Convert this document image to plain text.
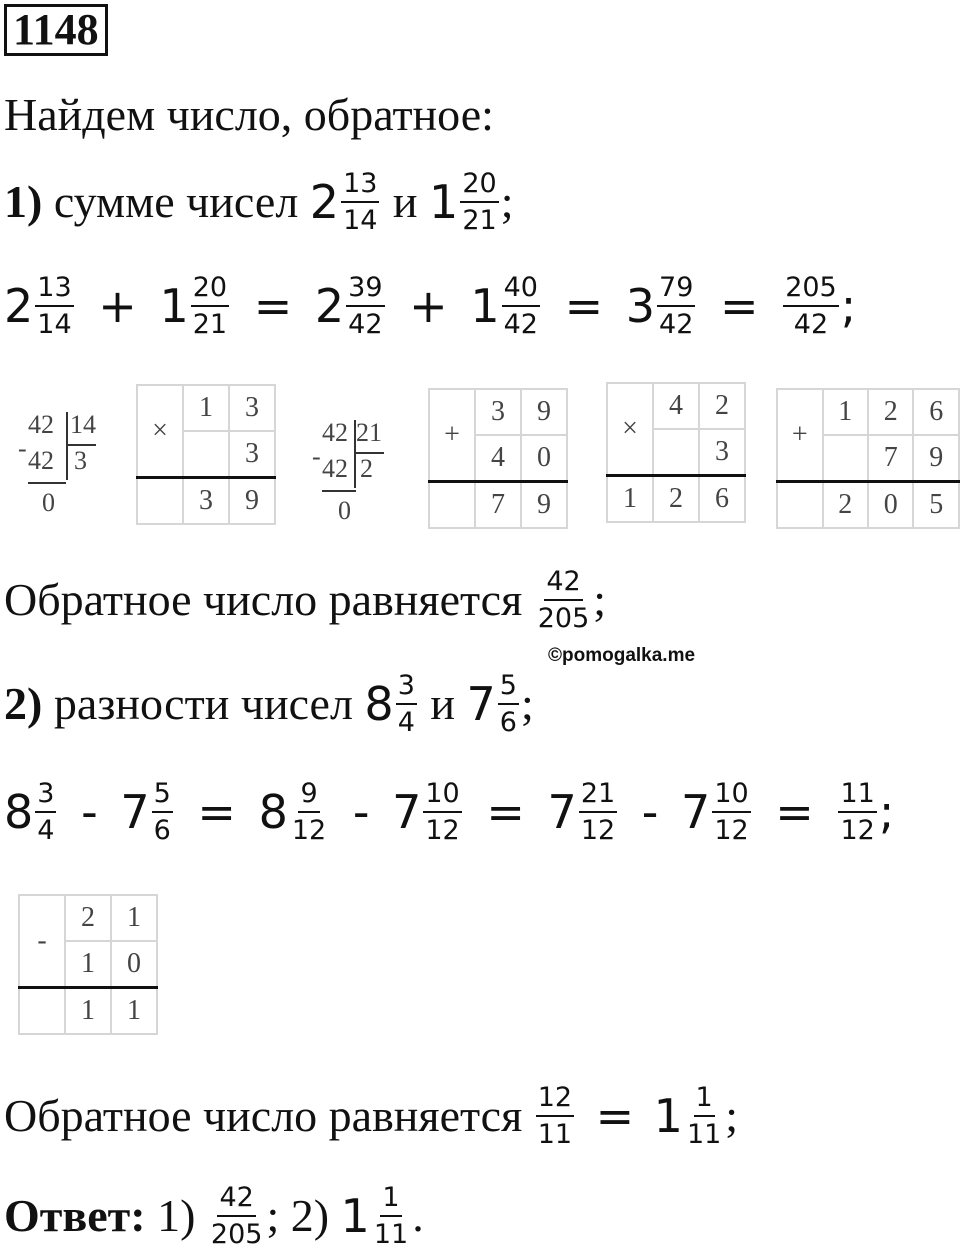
1148
Найдем число, обратное:
1) сумме чисел $2 \frac{13}{14}$ и $1 \frac{20}{21}$ ;
$2 \frac{13}{14} + 1 \frac{20}{21} = 2 \frac{39}{42} + 1 \frac{40}{42} = 3 \frac{79}{42} = \frac{205}{42}$ ;
42 14
- 42 3
0
×	1	3
		3
	3	9
42 21
- 42 2
0
+	3	9
	4	0
	7	9
×	4	2
		3
1	2	6
+	1	2	6
		7	9
	2	0	5
Обратное число равняется $\frac{42}{205}$ ;
©pomogalka.me
2) разности чисел $8 \frac{3}{4}$ и $7 \frac{5}{6}$ ;
$8 \frac{3}{4} - 7 \frac{5}{6} = 8 \frac{9}{12} - 7 \frac{10}{12} = 7 \frac{21}{12} - 7 \frac{10}{12} = \frac{11}{12}$ ;
-	2	1
	1	0
	1	1
Обратное число равняется $\frac{12}{11} = 1 \frac{1}{11}$ ;
Ответ: $1) \frac{42}{205}$ ; 2) $1 \frac{1}{11}$ .
